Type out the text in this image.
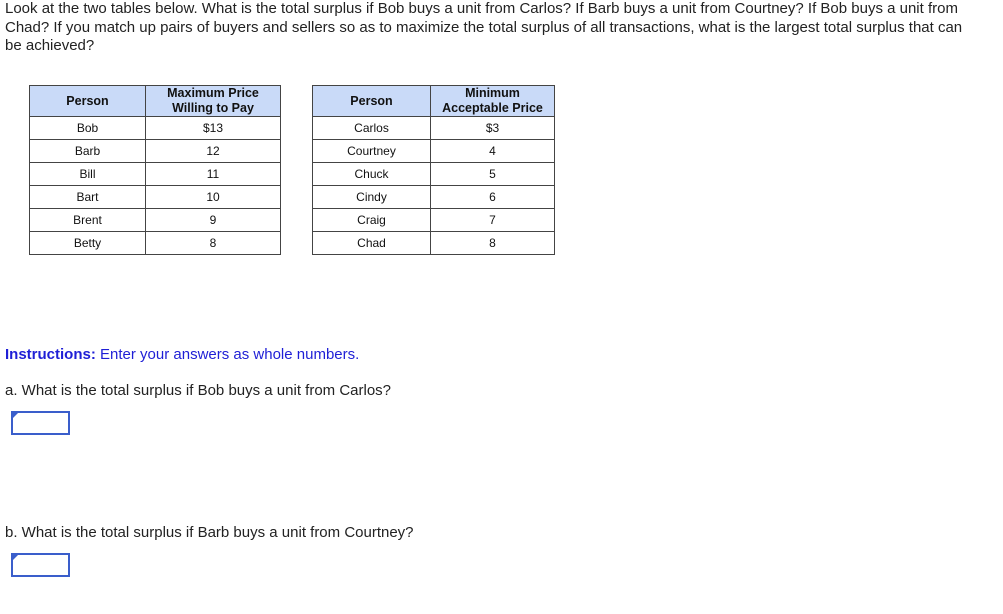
Look at the two tables below. What is the total surplus if Bob buys a unit from Carlos? If Barb buys a unit from Courtney? If Bob buys a unit from Chad? If you match up pairs of buyers and sellers so as to maximize the total surplus of all transactions, what is the largest total surplus that can be achieved?

Person	Maximum Price Willing to Pay
Bob	$13
Barb	12
Bill	11
Bart	10
Brent	9
Betty	8
Person	Minimum Acceptable Price
Carlos	$3
Courtney	4
Chuck	5
Cindy	6
Craig	7
Chad	8

Instructions: Enter your answers as whole numbers.

a. What is the total surplus if Bob buys a unit from Carlos?

b. What is the total surplus if Barb buys a unit from Courtney?
